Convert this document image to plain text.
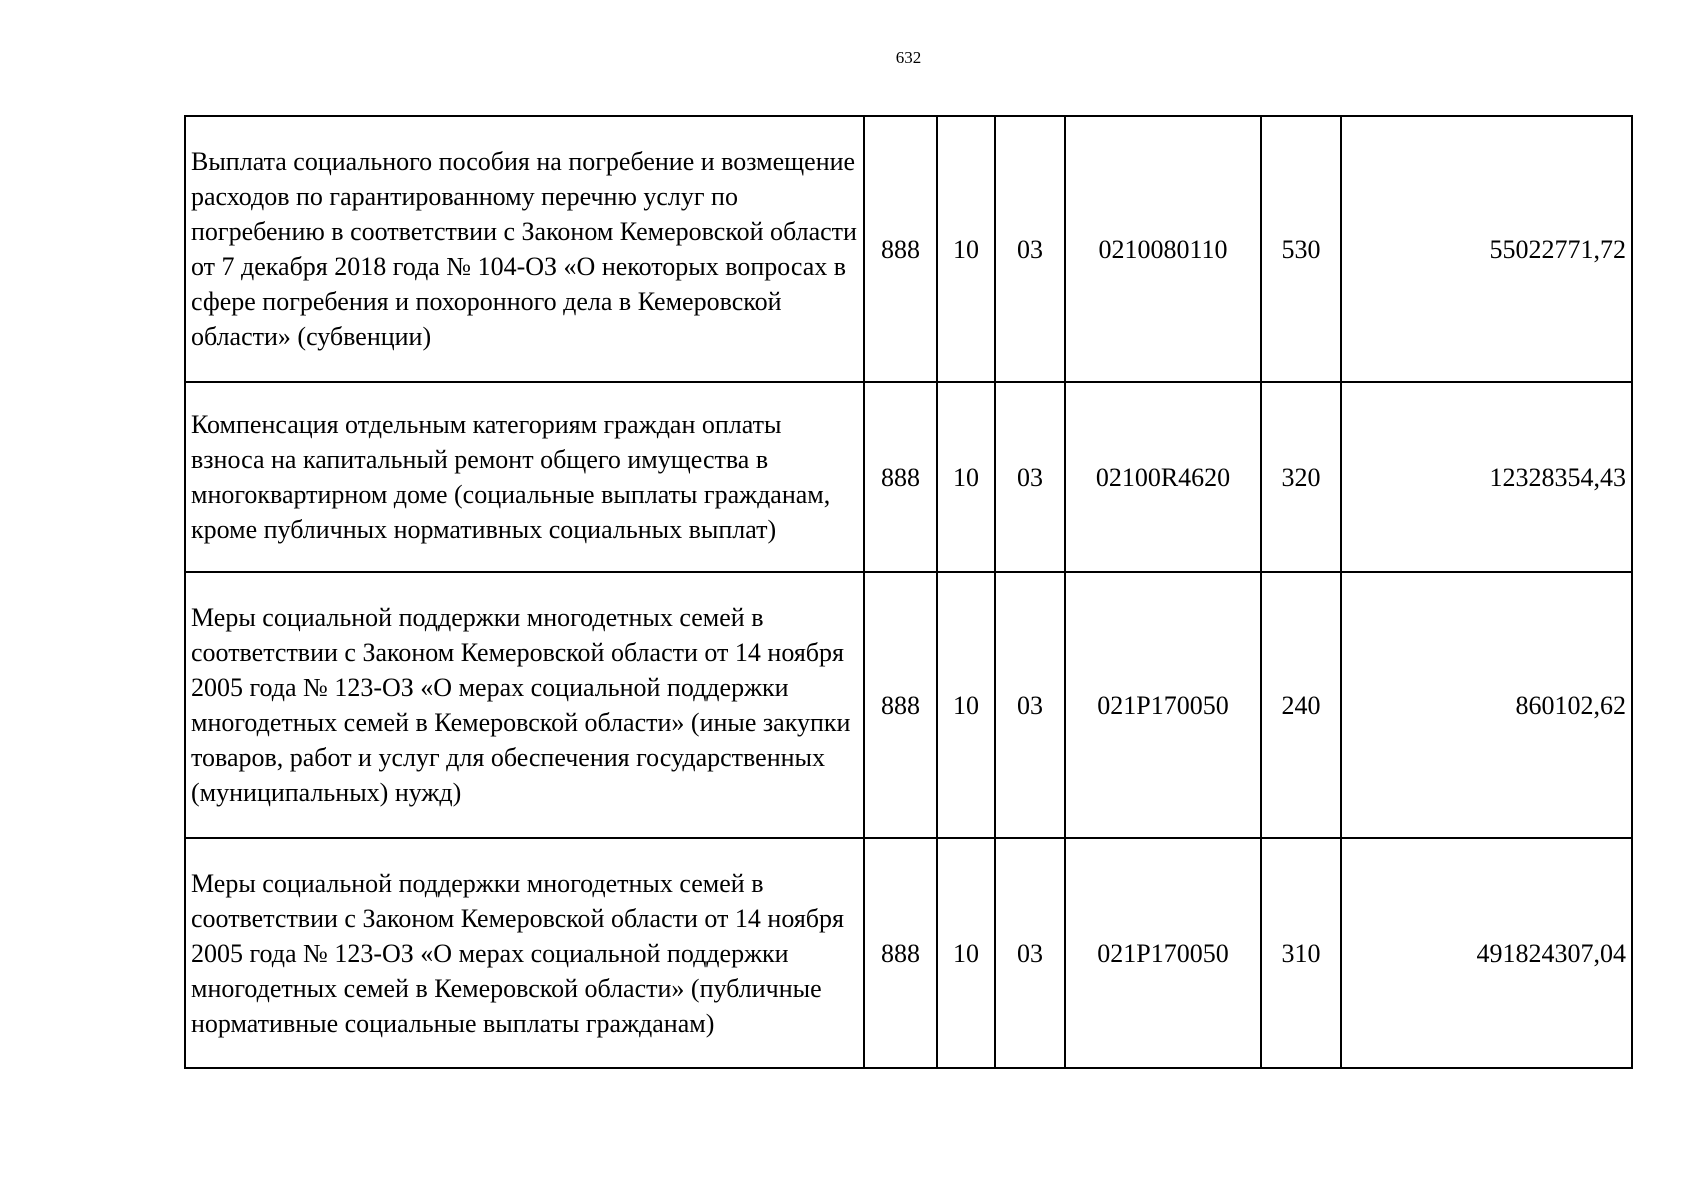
632
Выплата социального пособия на погребение и возмещение расходов по гарантированному перечню услуг по погребению в соответствии с Законом Кемеровской области от 7 декабря 2018 года № 104-ОЗ «О некоторых вопросах в сфере погребения и похоронного дела в Кемеровской области» (субвенции)	888	10	03	0210080110	530	55022771,72
Компенсация отдельным категориям граждан оплаты взноса на капитальный ремонт общего имущества в многоквартирном доме (социальные выплаты гражданам, кроме публичных нормативных социальных выплат)	888	10	03	02100R4620	320	12328354,43
Меры социальной поддержки многодетных семей в соответствии с Законом Кемеровской области от 14 ноября 2005 года № 123-ОЗ «О мерах социальной поддержки многодетных семей в Кемеровской области» (иные закупки товаров, работ и услуг для обеспечения государственных (муниципальных) нужд)	888	10	03	021P170050	240	860102,62
Меры социальной поддержки многодетных семей в соответствии с Законом Кемеровской области от 14 ноября 2005 года № 123-ОЗ «О мерах социальной поддержки многодетных семей в Кемеровской области» (публичные нормативные социальные выплаты гражданам)	888	10	03	021P170050	310	491824307,04
